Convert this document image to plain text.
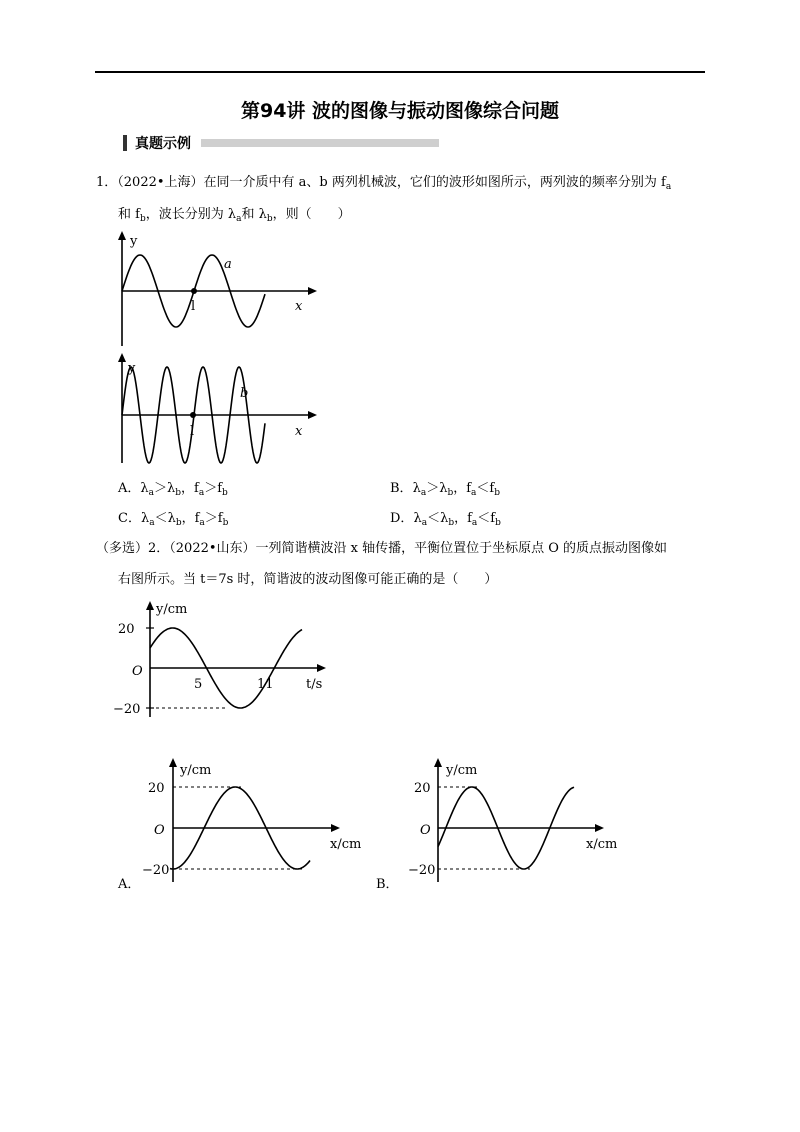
第94讲 波的图像与振动图像综合问题
真题示例
1．（2022•上海）在同一介质中有 a、b 两列机械波，它们的波形如图所示，两列波的频率分别为 $f_a$
和 $f_b$，波长分别为 $\lambda_a$和 $\lambda_b$，则（　　）
y
x
l
a
y
x
l
b
A．$\lambda_a>\lambda_b$，$f_a>f_b$	B．$\lambda_a>\lambda_b$，$f_a<f_b$
C．$\lambda_a<\lambda_b$，$f_a>f_b$	D．$\lambda_a<\lambda_b$，$f_a<f_b$
（多选）2．（2022•山东）一列简谐横波沿 x 轴传播，平衡位置位于坐标原点 O 的质点振动图像如
右图所示。当 t＝7s 时，简谐波的波动图像可能正确的是（　　）
20
−20
O
y/cm
5	11 t/s
y/cm
20
−20
O
x/cm
A．
y/cm
20
−20
O
x/cm
B．
